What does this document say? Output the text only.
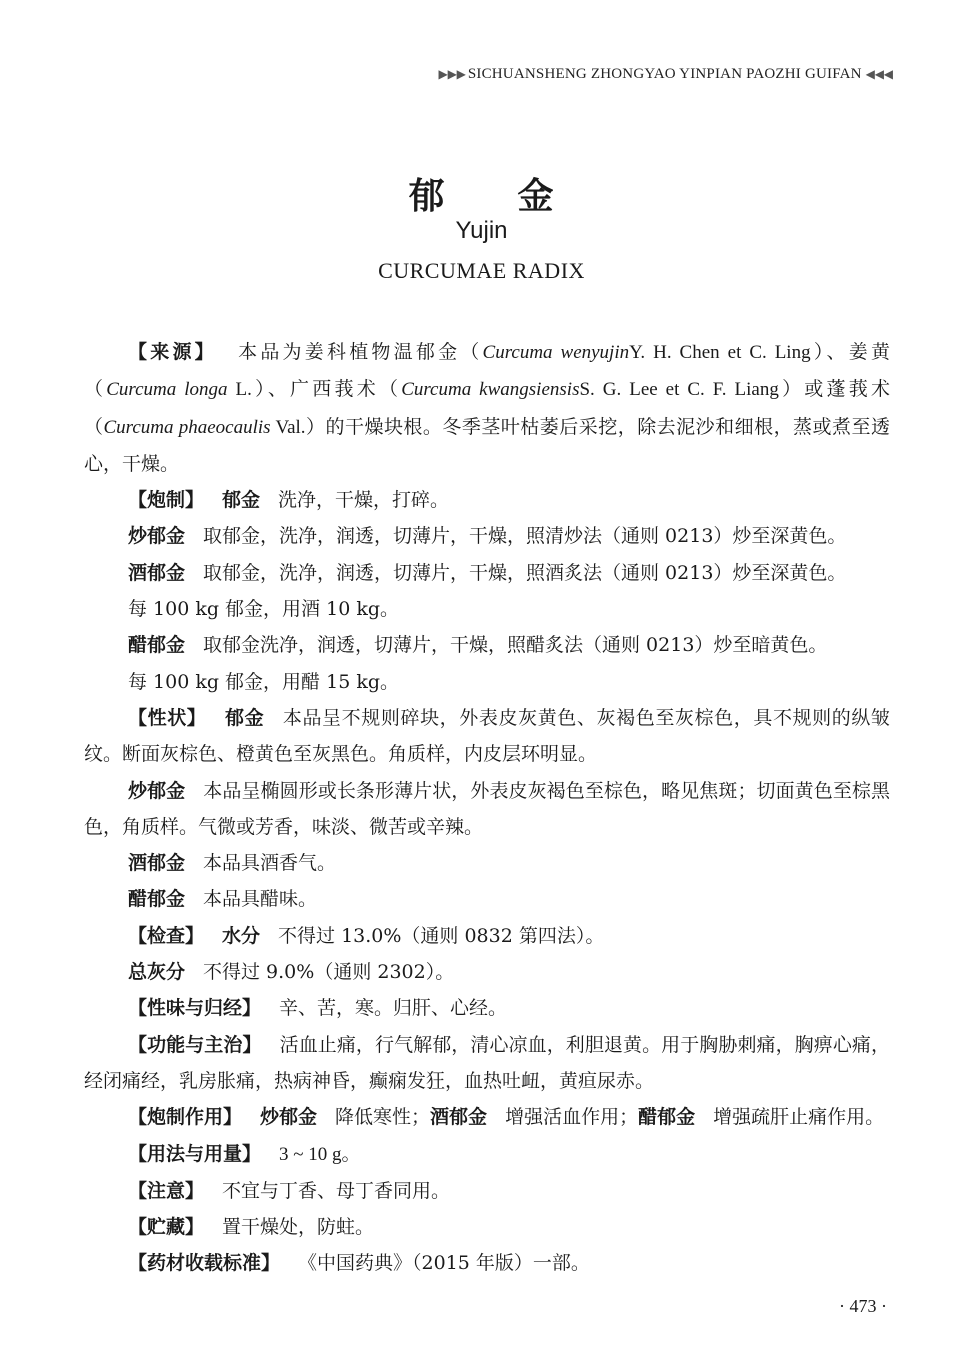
▶ ▶ ▶ SICHUANSHENG ZHONGYAO YINPIAN PAOZHI GUIFAN ◀ ◀ ◀
郁 金
Yujin
CURCUMAE RADIX

【来源】 本品为姜科植物温郁金（Curcuma wenyujinY. H. Chen et C. Ling）、姜黄（Curcuma longa L.）、广西莪术（Curcuma kwangsiensisS. G. Lee et C. F. Liang）或蓬莪术（Curcuma phaeocaulis Val.）的干燥块根。冬季茎叶枯萎后采挖，除去泥沙和细根，蒸或煮至透心，干燥。

【炮制】 郁金 洗净，干燥，打碎。

炒郁金 取郁金，洗净，润透，切薄片，干燥，照清炒法（通则 0213）炒至深黄色。

酒郁金 取郁金，洗净，润透，切薄片，干燥，照酒炙法（通则 0213）炒至深黄色。

每 100 kg 郁金，用酒 10 kg。

醋郁金 取郁金洗净，润透，切薄片，干燥，照醋炙法（通则 0213）炒至暗黄色。

每 100 kg 郁金，用醋 15 kg。

【性状】 郁金 本品呈不规则碎块，外表皮灰黄色、灰褐色至灰棕色，具不规则的纵皱纹。断面灰棕色、橙黄色至灰黑色。角质样，内皮层环明显。

炒郁金 本品呈椭圆形或长条形薄片状，外表皮灰褐色至棕色，略见焦斑；切面黄色至棕黑色，角质样。气微或芳香，味淡、微苦或辛辣。

酒郁金 本品具酒香气。

醋郁金 本品具醋味。

【检查】 水分 不得过 13.0%（通则 0832 第四法）。

总灰分 不得过 9.0%（通则 2302）。

【性味与归经】 辛、苦，寒。归肝、心经。

【功能与主治】 活血止痛，行气解郁，清心凉血，利胆退黄。用于胸胁刺痛，胸痹心痛，经闭痛经，乳房胀痛，热病神昏，癫痫发狂，血热吐衄，黄疸尿赤。

【炮制作用】 炒郁金 降低寒性；酒郁金 增强活血作用；醋郁金 增强疏肝止痛作用。

【用法与用量】 3 ~ 10 g。

【注意】 不宜与丁香、母丁香同用。

【贮藏】 置干燥处，防蛀。

【药材收载标准】 《中国药典》（2015 年版）一部。

· 473 ·
